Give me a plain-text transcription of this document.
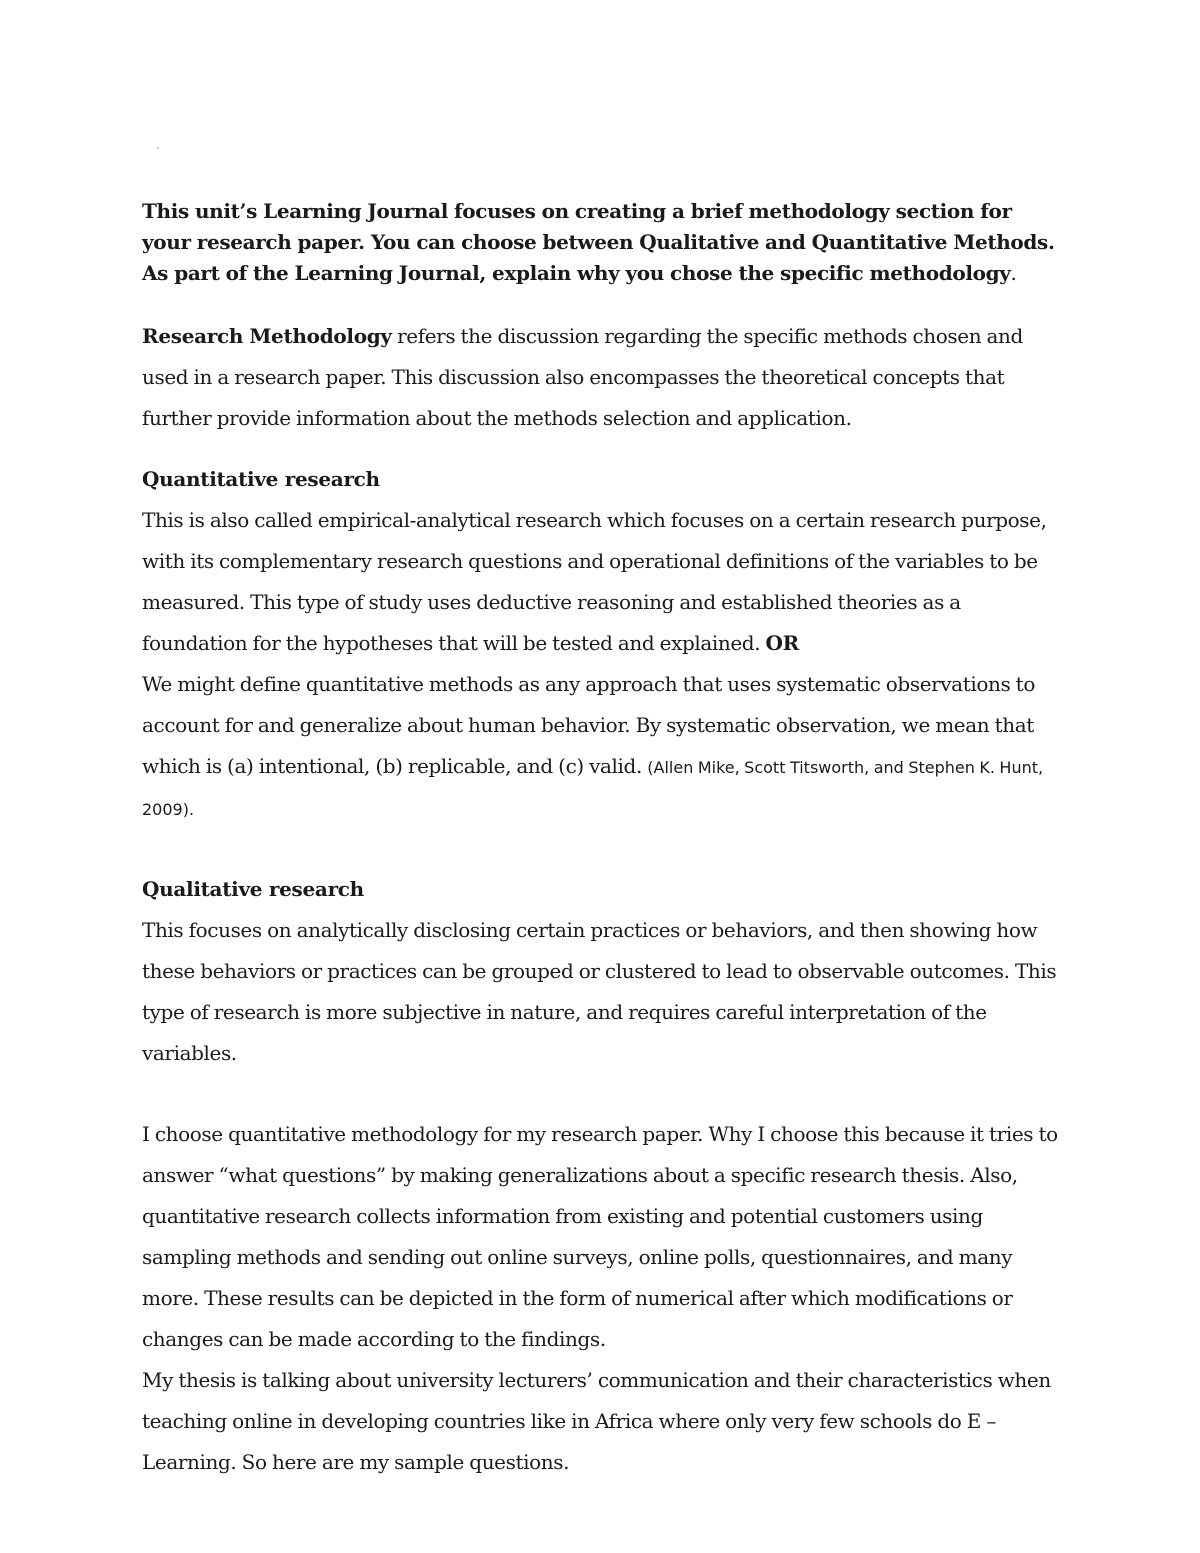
This unit’s Learning Journal focuses on creating a brief methodology section for your research paper. You can choose between Qualitative and Quantitative Methods. As part of the Learning Journal, explain why you chose the specific methodology.

Research Methodology refers the discussion regarding the specific methods chosen and used in a research paper. This discussion also encompasses the theoretical concepts that further provide information about the methods selection and application.

Quantitative research

This is also called empirical-analytical research which focuses on a certain research purpose, with its complementary research questions and operational definitions of the variables to be measured. This type of study uses deductive reasoning and established theories as a foundation for the hypotheses that will be tested and explained. OR

We might define quantitative methods as any approach that uses systematic observations to account for and generalize about human behavior. By systematic observation, we mean that which is (a) intentional, (b) replicable, and (c) valid. (Allen Mike, Scott Titsworth, and Stephen K. Hunt, 2009).

Qualitative research

This focuses on analytically disclosing certain practices or behaviors, and then showing how these behaviors or practices can be grouped or clustered to lead to observable outcomes. This type of research is more subjective in nature, and requires careful interpretation of the variables.

I choose quantitative methodology for my research paper. Why I choose this because it tries to answer “what questions” by making generalizations about a specific research thesis. Also, quantitative research collects information from existing and potential customers using sampling methods and sending out online surveys, online polls, questionnaires, and many more. These results can be depicted in the form of numerical after which modifications or changes can be made according to the findings.

My thesis is talking about university lecturers’ communication and their characteristics when teaching online in developing countries like in Africa where only very few schools do E – Learning. So here are my sample questions.
